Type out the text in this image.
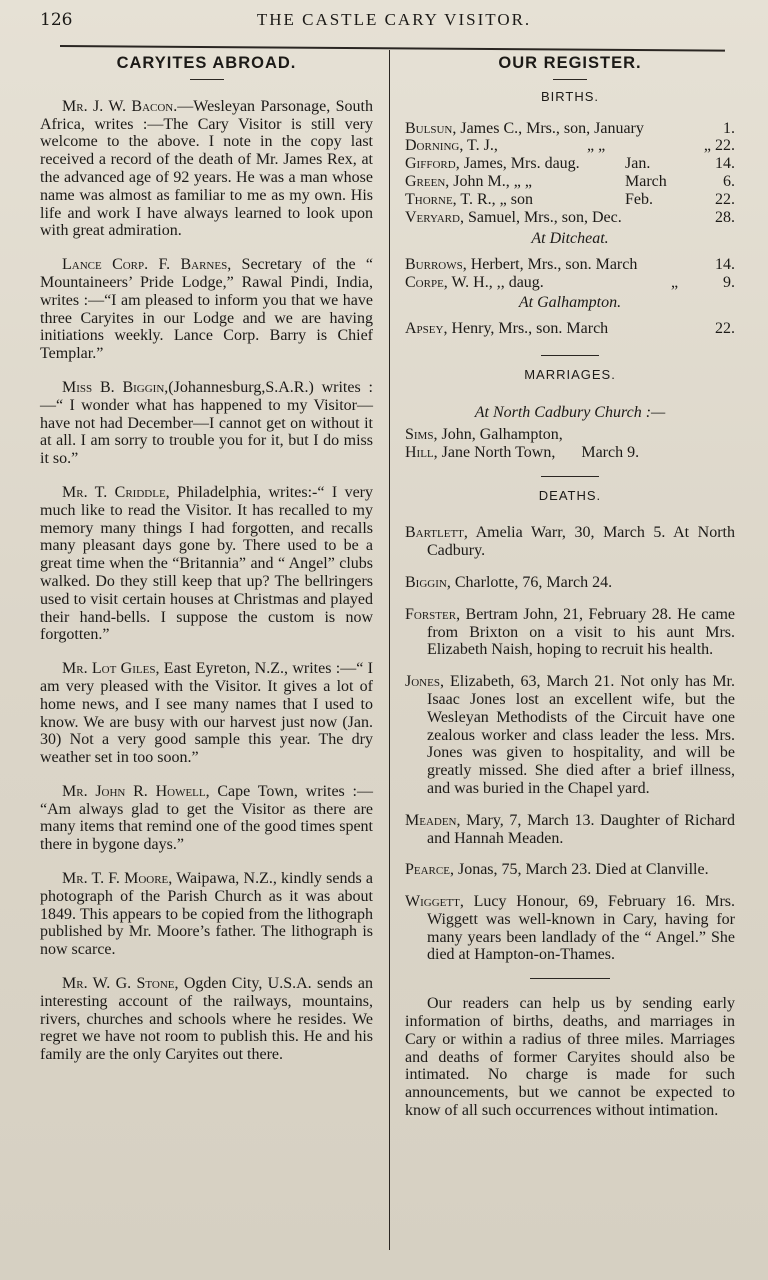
126	THE CASTLE CARY VISITOR.
CARYITES ABROAD.

Mr. J. W. Bacon.—Wesleyan Parsonage, South Africa, writes :—The Cary Visitor is still very welcome to the above. I note in the copy last received a record of the death of Mr. James Rex, at the advanced age of 92 years. He was a man whose name was almost as familiar to me as my own. His life and work I have always learned to look upon with great admiration.

Lance Corp. F. Barnes, Secretary of the “ Mountaineers’ Pride Lodge,” Rawal Pindi, India, writes :—“I am pleased to inform you that we have three Caryites in our Lodge and we are having initiations weekly. Lance Corp. Barry is Chief Templar.”

Miss B. Biggin,(Johannesburg,S.A.R.) writes :—“ I wonder what has happened to my Visitor—have not had December—I cannot get on without it at all. I am sorry to trouble you for it, but I do miss it so.”

Mr. T. Criddle, Philadelphia, writes:-“ I very much like to read the Visitor. It has recalled to my memory many things I had forgotten, and recalls many pleasant days gone by. There used to be a great time when the “Britannia” and “ Angel” clubs walked. Do they still keep that up? The bellringers used to visit certain houses at Christmas and played their hand-bells. I suppose the custom is now forgotten.”

Mr. Lot Giles, East Eyreton, N.Z., writes :—“ I am very pleased with the Visitor. It gives a lot of home news, and I see many names that I used to know. We are busy with our harvest just now (Jan. 30) Not a very good sample this year. The dry weather set in too soon.”

Mr. John R. Howell, Cape Town, writes :— “Am always glad to get the Visitor as there are many items that remind one of the good times spent there in bygone days.”

Mr. T. F. Moore, Waipawa, N.Z., kindly sends a photograph of the Parish Church as it was about 1849. This appears to be copied from the lithograph published by Mr. Moore’s father. The lithograph is now scarce.

Mr. W. G. Stone, Ogden City, U.S.A. sends an interesting account of the railways, mountains, rivers, churches and schools where he resides. We regret we have not room to publish this. He and his family are the only Caryites out there.

OUR REGISTER.
BIRTHS.
Bulsun, James C., Mrs., son, January	1.
Dorning, T. J.,	„ „	„ 22.
Gifford, James, Mrs. daug.	Jan.	14.
Green, John M., „ „	March	6.
Thorne, T. R., „ son	Feb.	22.
Veryard, Samuel, Mrs., son, Dec.	28.
At Ditcheat.
Burrows, Herbert, Mrs., son. March	14.
Corpe, W. H., ,, daug.	„	9.
At Galhampton.
Apsey, Henry, Mrs., son. March	22.
MARRIAGES.
At North Cadbury Church :—
Sims, John, Galhampton,
Hill, Jane North Town, March 9.
DEATHS.

Bartlett, Amelia Warr, 30, March 5. At North Cadbury.

Biggin, Charlotte, 76, March 24.

Forster, Bertram John, 21, February 28. He came from Brixton on a visit to his aunt Mrs. Elizabeth Naish, hoping to recruit his health.

Jones, Elizabeth, 63, March 21. Not only has Mr. Isaac Jones lost an excellent wife, but the Wesleyan Methodists of the Circuit have one zealous worker and class leader the less. Mrs. Jones was given to hospitality, and will be greatly missed. She died after a brief illness, and was buried in the Chapel yard.

Meaden, Mary, 7, March 13. Daughter of Richard and Hannah Meaden.

Pearce, Jonas, 75, March 23. Died at Clanville.

Wiggett, Lucy Honour, 69, February 16. Mrs. Wiggett was well-known in Cary, having for many years been landlady of the “ Angel.” She died at Hampton-on-Thames.

Our readers can help us by sending early information of births, deaths, and marriages in Cary or within a radius of three miles. Marriages and deaths of former Caryites should also be intimated. No charge is made for such announcements, but we cannot be expected to know of all such occurrences without intimation.
